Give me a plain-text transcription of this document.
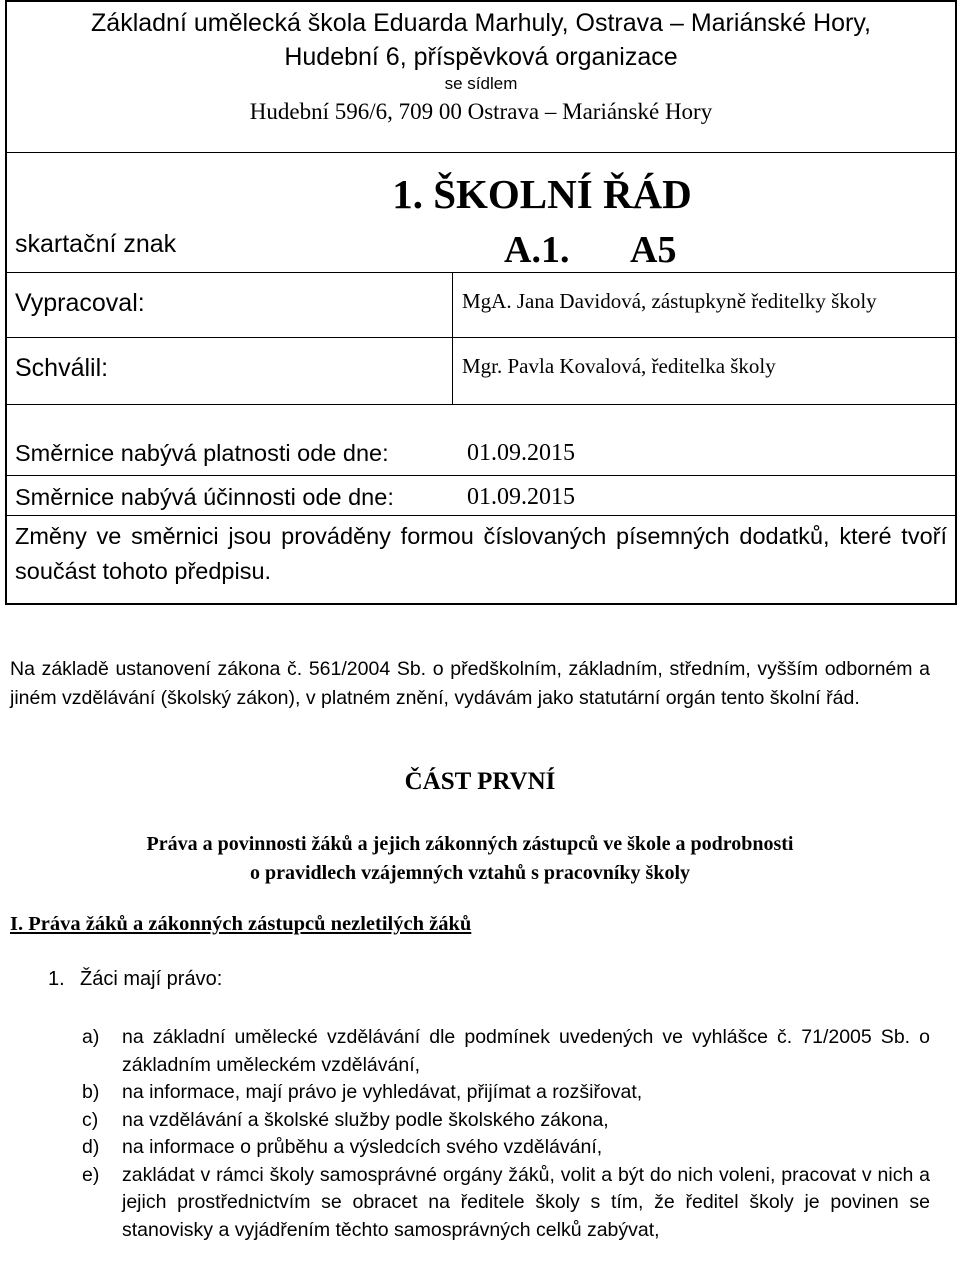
Základní umělecká škola Eduarda Marhuly, Ostrava – Mariánské Hory,
Hudební 6, příspěvková organizace
se sídlem
Hudební 596/6, 709 00 Ostrava – Mariánské Hory
1. ŠKOLNÍ ŘÁD
skartační znak	A.1. A5
Vypracoval:	MgA. Jana Davidová, zástupkyně ředitelky školy
Schválil:	Mgr. Pavla Kovalová, ředitelka školy
Směrnice nabývá platnosti ode dne:	01.09.2015
Směrnice nabývá účinnosti ode dne:	01.09.2015
Změny ve směrnici jsou prováděny formou číslovaných písemných dodatků, které tvoří součást tohoto předpisu.
Na základě ustanovení zákona č. 561/2004 Sb. o předškolním, základním, středním, vyšším odborném a jiném vzdělávání (školský zákon), v platném znění, vydávám jako statutární orgán tento školní řád.
ČÁST PRVNÍ
Práva a povinnosti žáků a jejich zákonných zástupců ve škole a podrobnosti
o pravidlech vzájemných vztahů s pracovníky školy
I. Práva žáků a zákonných zástupců nezletilých žáků
1. Žáci mají právo:
a) na základní umělecké vzdělávání dle podmínek uvedených ve vyhlášce č. 71/2005 Sb. o základním uměleckém vzdělávání,
b) na informace, mají právo je vyhledávat, přijímat a rozšiřovat,
c) na vzdělávání a školské služby podle školského zákona,
d) na informace o průběhu a výsledcích svého vzdělávání,
e) zakládat v rámci školy samosprávné orgány žáků, volit a být do nich voleni, pracovat v nich a jejich prostřednictvím se obracet na ředitele školy s tím, že ředitel školy je povinen se stanovisky a vyjádřením těchto samosprávných celků zabývat,
